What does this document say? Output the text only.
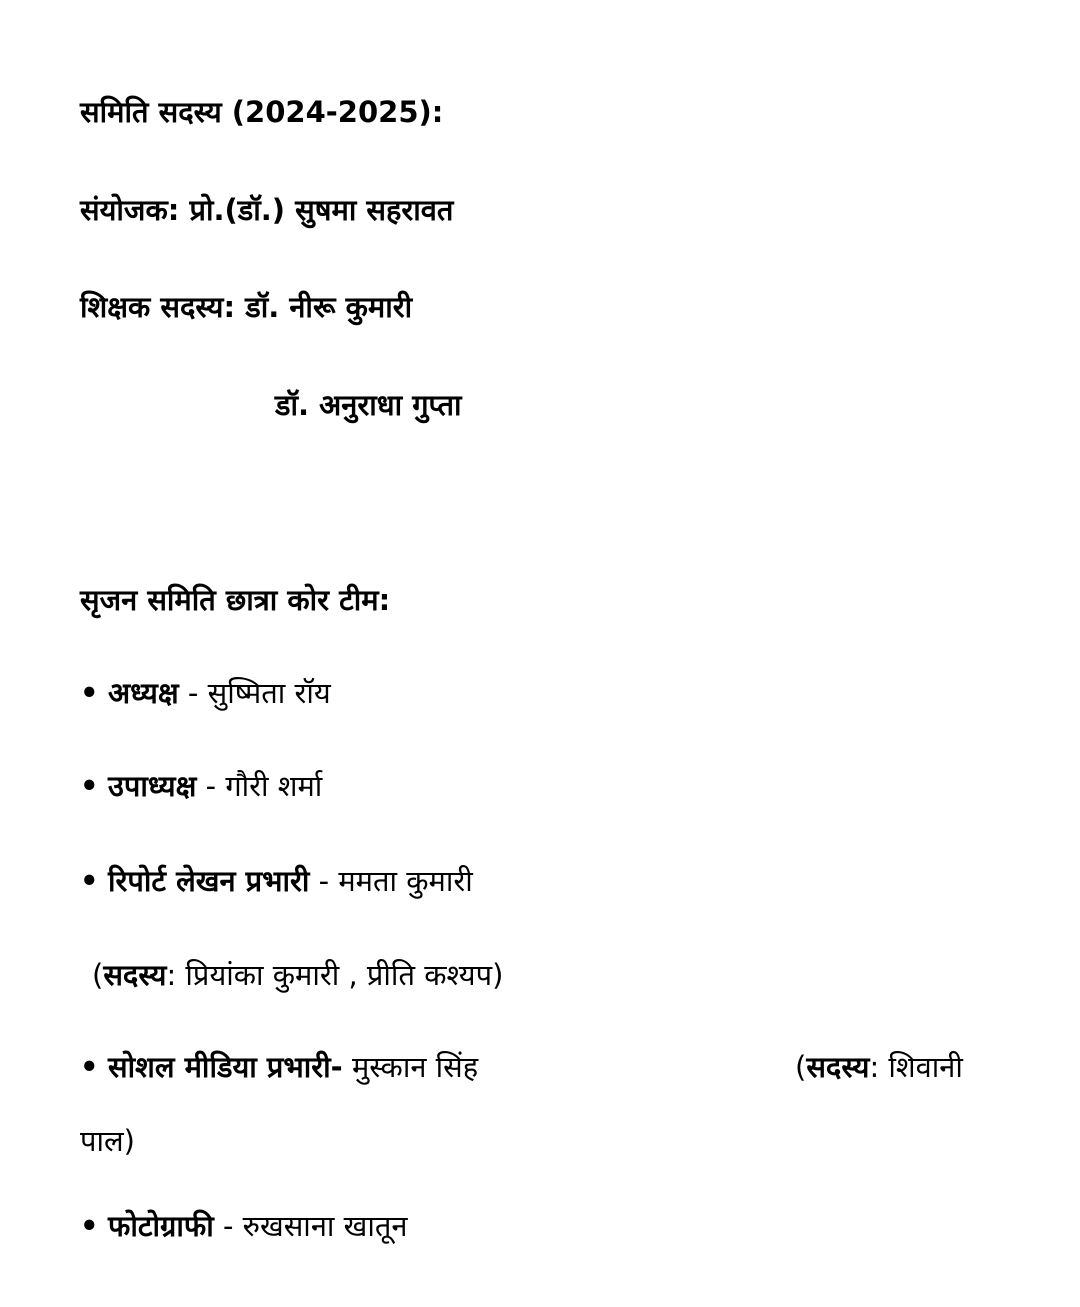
समिति सदस्य (2024-2025):
संयोजक: प्रो.(डॉ.) सुषमा सहरावत
शिक्षक सदस्य: डॉ. नीरू कुमारी
डॉ. अनुराधा गुप्ता
सृजन समिति छात्रा कोर टीम:
• अध्यक्ष - सुष्मिता रॉय
• उपाध्यक्ष - गौरी शर्मा
• रिपोर्ट लेखन प्रभारी - ममता कुमारी
(सदस्य: प्रियांका कुमारी , प्रीति कश्यप)
• सोशल मीडिया प्रभारी- मुस्कान सिंह	(सदस्य: शिवानी
पाल)
• फोटोग्राफी - रुखसाना खातून
